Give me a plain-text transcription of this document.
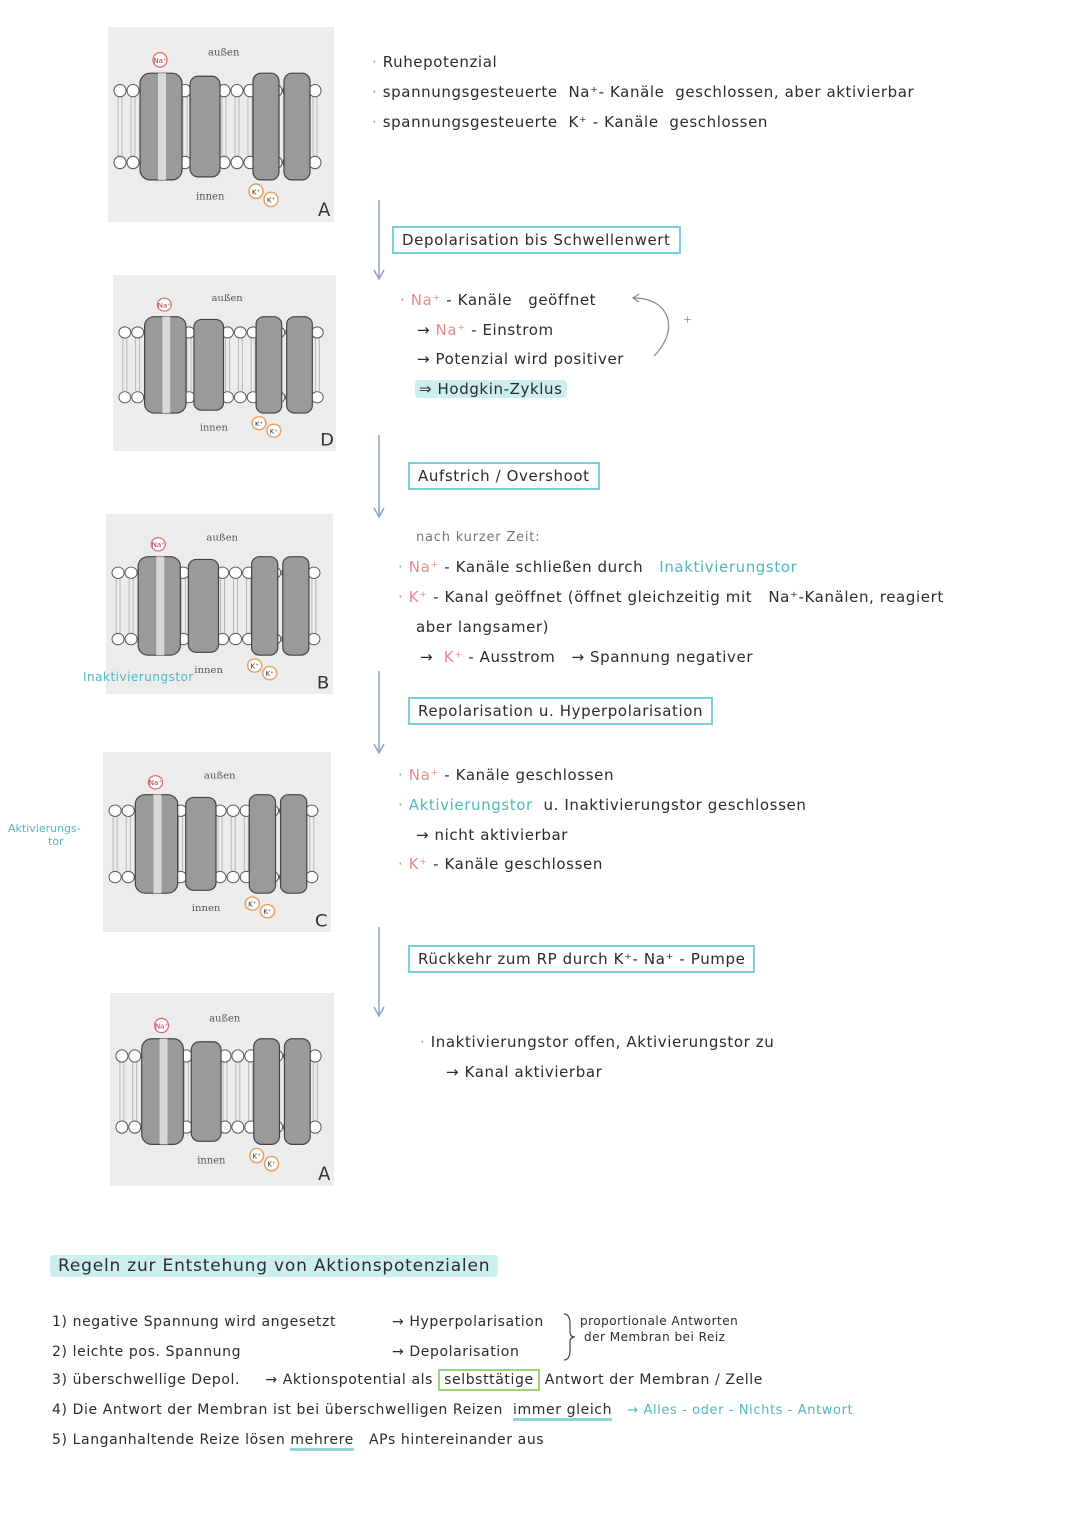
außen
innen
Na⁺
K⁺
K⁺ A
außen
innen
Na⁺
K⁺
K⁺ D
außen
innen
Na⁺
K⁺
K⁺ B
außen
innen
Na⁺
K⁺
K⁺ C
außen
innen
Na⁺
K⁺
K⁺ A
Inaktivierungstor
Aktivierungs-
tor
· Ruhepotenzial
· spannungsgesteuerte Na⁺- Kanäle geschlossen, aber aktivierbar
· spannungsgesteuerte K⁺ - Kanäle geschlossen
Depolarisation bis Schwellenwert
· Na⁺ - Kanäle geöffnet
→ Na⁺ - Einstrom
→ Potenzial wird positiver
⇒ Hodgkin-Zyklus
+
Aufstrich / Overshoot
nach kurzer Zeit:
· Na⁺ - Kanäle schließen durch Inaktivierungstor
· K⁺ - Kanal geöffnet (öffnet gleichzeitig mit Na⁺-Kanälen, reagiert
aber langsamer)
→ K⁺ - Ausstrom → Spannung negativer
Repolarisation u. Hyperpolarisation
· Na⁺ - Kanäle geschlossen
· Aktivierungstor u. Inaktivierungstor geschlossen
→ nicht aktivierbar
· K⁺ - Kanäle geschlossen
Rückkehr zum RP durch K⁺- Na⁺ - Pumpe
· Inaktivierungstor offen, Aktivierungstor zu
→ Kanal aktivierbar
Regeln zur Entstehung von Aktionspotenzialen
1) negative Spannung wird angesetzt	→ Hyperpolarisation
2) leichte pos. Spannung	→ Depolarisation
proportionale Antworten
der Membran bei Reiz
3) überschwellige Depol. → Aktionspotential als selbsttätige Antwort der Membran / Zelle
4) Die Antwort der Membran ist bei überschwelligen Reizen immer gleich → Alles - oder - Nichts - Antwort
5) Langanhaltende Reize lösen mehrere APs hintereinander aus
